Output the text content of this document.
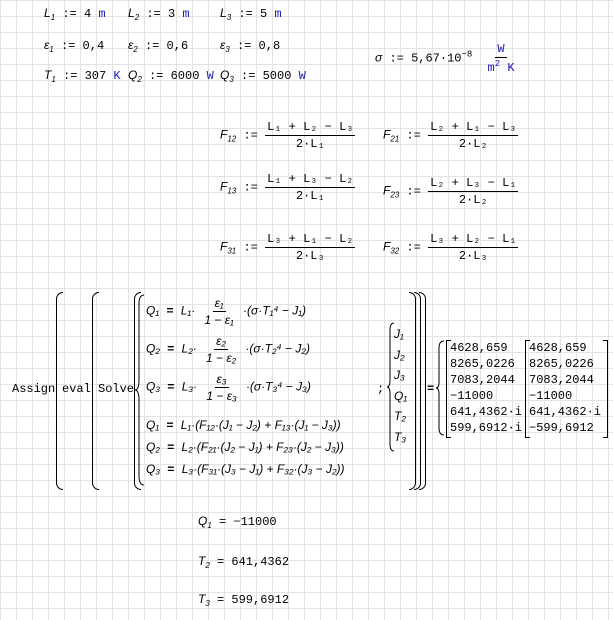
$L_1$ := 4 m $L_2$ := 3 m	$L_3$ := 5 m
$\varepsilon_1$ := 0,4 $\varepsilon_2$ := 0,6	$\varepsilon_3$ := 0,8
$T_1$ := 307 K $Q_2$ := 6000 W $Q_3$ := 5000 W
σ := $5,67\cdot 10^{-8} \frac{W}{m^2 K}$
$F_{12}$ := $\frac{\text{L₁ + L₂ − L₃}}{\text{2·L₁}} F_{21}$ := $\frac{\text{L₂ + L₁ − L₃}}{\text{2·L₂}}$
$F_{13}$ := $\frac{\text{L₁ + L₃ − L₂}}{\text{2·L₁}} F_{23}$ := $\frac{\text{L₂ + L₃ − L₁}}{\text{2·L₂}}$
$F_{31}$ := $\frac{\text{L₃ + L₁ − L₂}}{\text{2·L₃}} F_{32}$ := $\frac{\text{L₃ + L₂ − L₁}}{\text{2·L₃}}$
Assign eval Solve
$Q_1 = L_1\cdot \frac{\text{ε₁}}{\text{1 − ε₁}} \cdot(\sigma\cdot T_1^4 - J_1)$
$Q_2 = L_2\cdot \frac{\text{ε₂}}{\text{1 − ε₂}} \cdot(\sigma\cdot T_2^4 - J_2)$
$Q_3 = L_3\cdot \frac{\text{ε₃}}{\text{1 − ε₃}} \cdot(\sigma\cdot T_3^4 - J_3)$
Q₁ = L₁·(F₁₂·(J₁ − J₂) + F₁₃·(J₁ − J₃))
Q₂ = L₂·(F₂₁·(J₂ − J₁) + F₂₃·(J₂ − J₃))
Q₃ = L₃·(F₃₁·(J₃ − J₁) + F₃₂·(J₃ − J₂))
;
J₁
J₂
J₃
Q₁
T₂
T₃
=
4628,659
8265,0226
7083,2044
−11000
641,4362·i
599,6912·i
4628,659
8265,0226
7083,2044
−11000
641,4362·i
−599,6912
$Q_1 = -11000$
$T_2 = 641,4362$
$T_3 = 599,6912$
